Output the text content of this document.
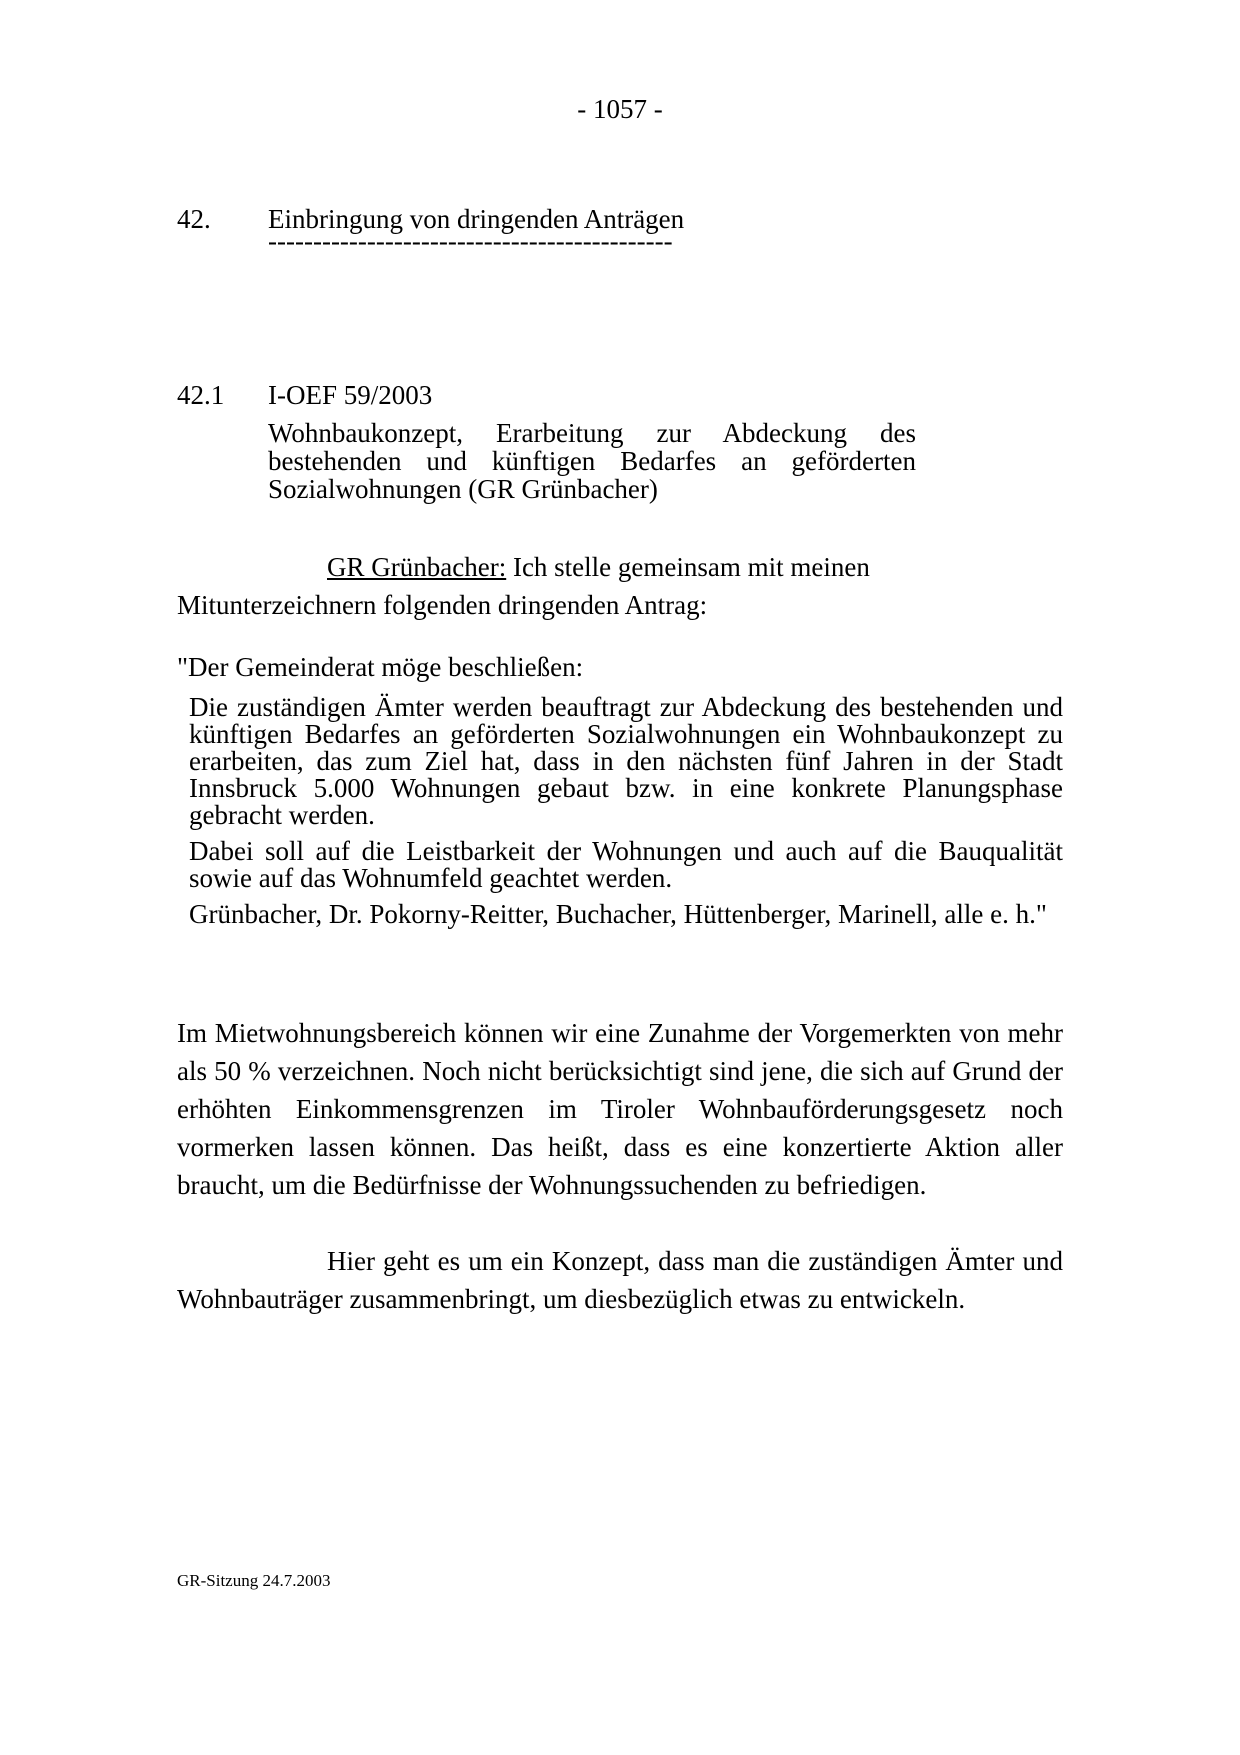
- 1057 -
42. Einbringung von dringenden Anträgen
---------------------------------------------
42.1 I-OEF 59/2003

Wohnbaukonzept, Erarbeitung zur Abdeckung des bestehenden und künftigen Bedarfes an geförderten Sozialwohnungen (GR Grünbacher)

GR Grünbacher: Ich stelle gemeinsam mit meinen Mitunterzeichnern folgenden dringenden Antrag:

"Der Gemeinderat möge beschließen:

Die zuständigen Ämter werden beauftragt zur Abdeckung des bestehenden und künftigen Bedarfes an geförderten Sozialwohnungen ein Wohnbaukonzept zu erarbeiten, das zum Ziel hat, dass in den nächsten fünf Jahren in der Stadt Innsbruck 5.000 Wohnungen gebaut bzw. in eine konkrete Planungsphase gebracht werden.

Dabei soll auf die Leistbarkeit der Wohnungen und auch auf die Bauqualität sowie auf das Wohnumfeld geachtet werden.

Grünbacher, Dr. Pokorny-Reitter, Buchacher, Hüttenberger, Marinell, alle e. h."

Im Mietwohnungsbereich können wir eine Zunahme der Vorgemerkten von mehr als 50 % verzeichnen. Noch nicht berücksichtigt sind jene, die sich auf Grund der erhöhten Einkommensgrenzen im Tiroler Wohnbauförderungsgesetz noch vormerken lassen können. Das heißt, dass es eine konzertierte Aktion aller braucht, um die Bedürfnisse der Wohnungssuchenden zu befriedigen.

Hier geht es um ein Konzept, dass man die zuständigen Ämter und Wohnbauträger zusammenbringt, um diesbezüglich etwas zu entwickeln.

GR-Sitzung 24.7.2003
